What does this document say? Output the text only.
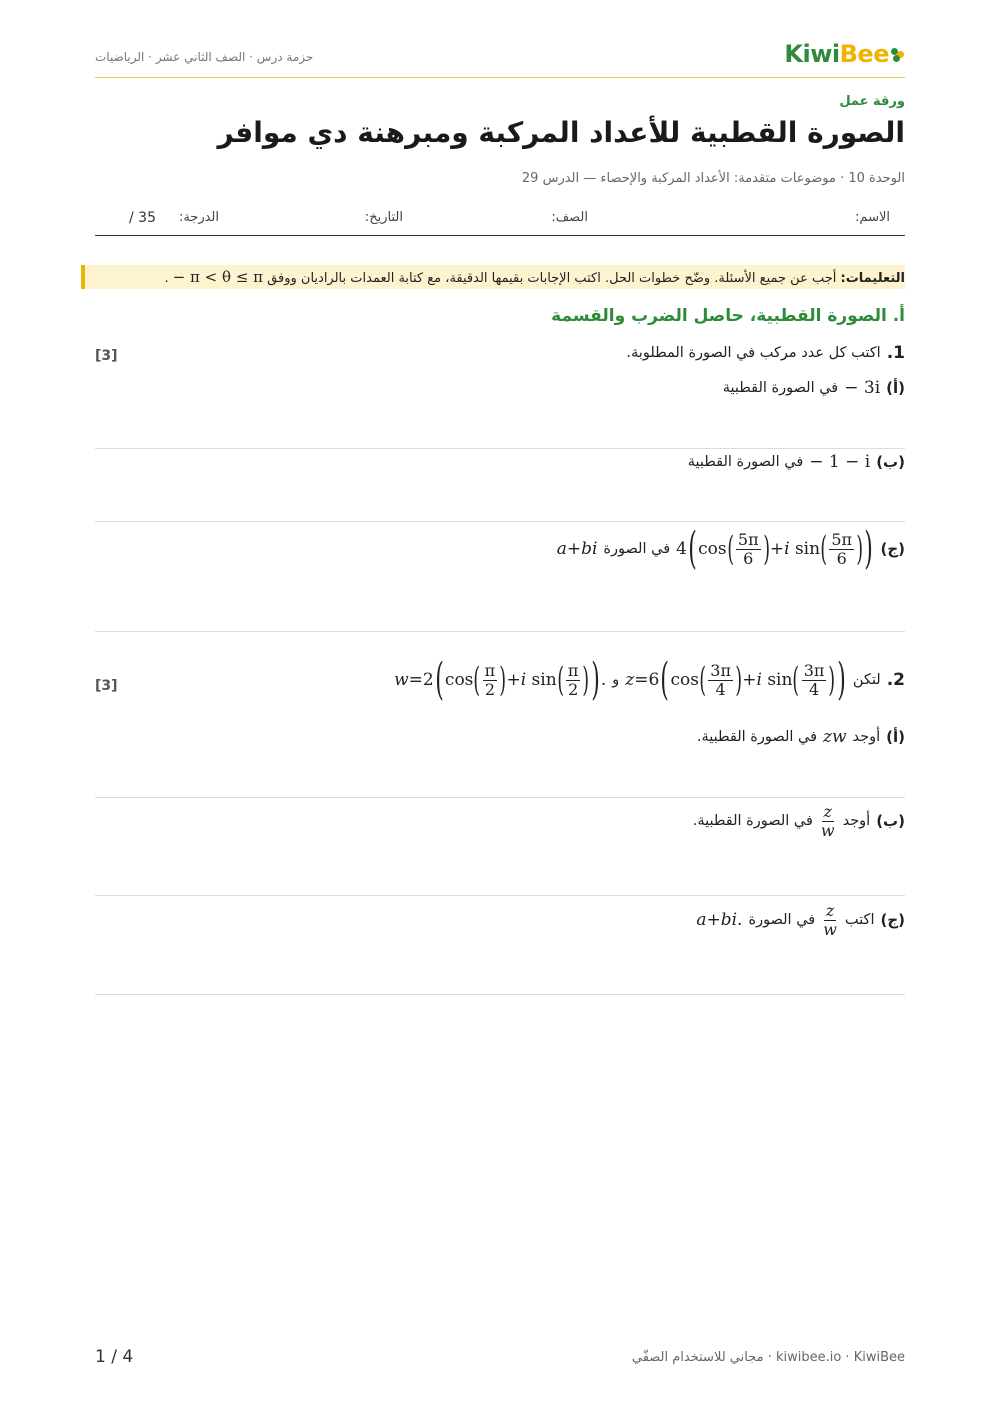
KiwiBee
حزمة درس · الصف الثاني عشر · الرياضيات
ورقة عمل
الصورة القطبية للأعداد المركبة ومبرهنة دي موافر
الوحدة 10 · موضوعات متقدمة: الأعداد المركبة والإحصاء — الدرس 29
الاسم:
الصف:
التاريخ:
الدرجة:
/ 35
التعليمات: أجب عن جميع الأسئلة. وضّح خطوات الحل. اكتب الإجابات بقيمها الدقيقة، مع كتابة العمدات بالراديان ووفق − π < θ ≤ π .
أ. الصورة القطبية، حاصل الضرب والقسمة
1.
اكتب كل عدد مركب في الصورة المطلوبة.
[3]
(أ)
− 3i
في الصورة القطبية
(ب)
− 1 − i
في الصورة القطبية
(ج)
4 ( cos ( $\frac{5\pi}{6}$ ) + i sin ( $\frac{5\pi}{6}$ ) )
في الصورة
a+bi
2.
لتكن
z = 6 ( cos ( $\frac{3\pi}{4}$ ) + i sin ( $\frac{3\pi}{4}$ ) )
و
w = 2 ( cos ( $\frac{\pi}{2}$ ) + i sin ( $\frac{\pi}{2}$ ) ) .
[3]
(أ)
أوجد
zw
في الصورة القطبية.
(ب)
أوجد
$\frac{z}{w}$
في الصورة القطبية.
(ج)
اكتب
$\frac{z}{w}$
في الصورة
a+bi.
1 / 4	kiwibee.io · KiwiBee · مجاني للاستخدام الصفّي
